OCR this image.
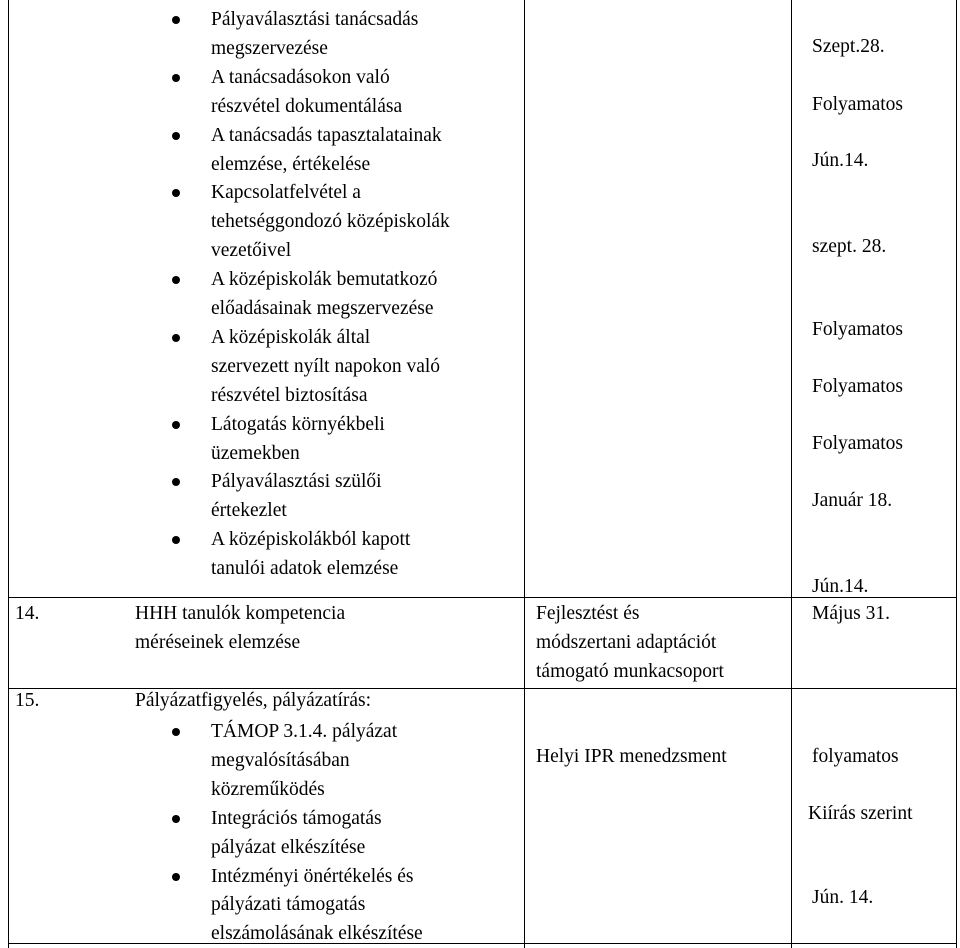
Pályaválasztási tanácsadás
megszervezése
A tanácsadásokon való
részvétel dokumentálása
A tanácsadás tapasztalatainak
elemzése, értékelése
Kapcsolatfelvétel a
tehetséggondozó középiskolák
vezetőivel
A középiskolák bemutatkozó
előadásainak megszervezése
A középiskolák által
szervezett nyílt napokon való
részvétel biztosítása
Látogatás környékbeli
üzemekben
Pályaválasztási szülői
értekezlet
A középiskolákból kapott
tanulói adatok elemzése
14.	HHH tanulók kompetencia
méréseinek elemzése
15.	Pályázatfigyelés, pályázatírás:
TÁMOP 3.1.4. pályázat
megvalósításában
közreműködés
Integrációs támogatás
pályázat elkészítése
Intézményi önértékelés és
pályázati támogatás
elszámolásának elkészítése
Fejlesztést és
módszertani adaptációt
támogató munkacsoport
Helyi IPR menedzsment
Szept.28.
Folyamatos
Jún.14.
szept. 28.
Folyamatos
Folyamatos
Folyamatos
Január 18.
Jún.14.
Május 31.
folyamatos
Kiírás szerint
Jún. 14.
